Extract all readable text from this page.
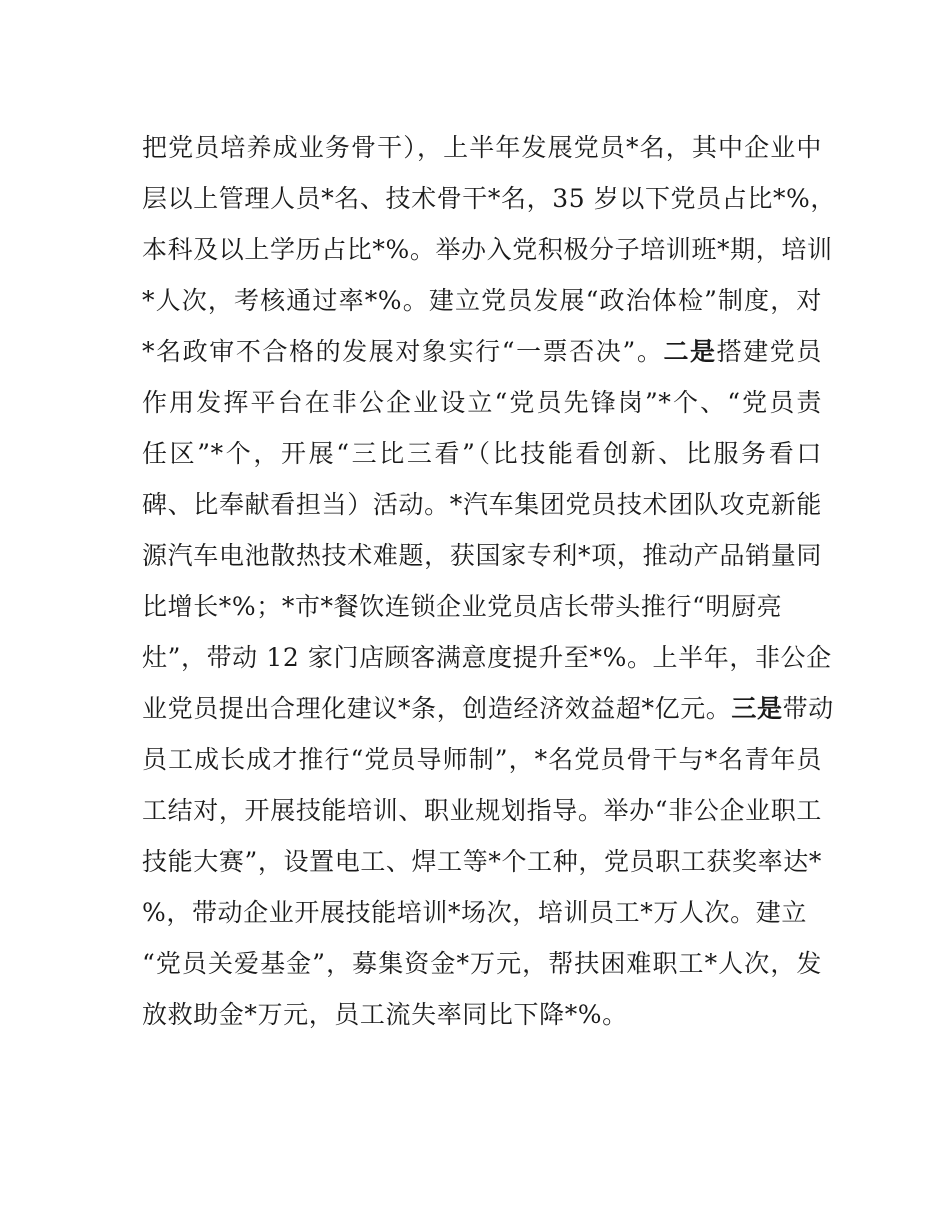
把党员培养成业务骨干），上半年发展党员*名，其中企业中
层以上管理人员*名、技术骨干*名，35 岁以下党员占比*%，
本科及以上学历占比*%。举办入党积极分子培训班*期，培训
*人次，考核通过率*%。建立党员发展“政治体检”制度，对
*名政审不合格的发展对象实行“一票否决”。二是搭建党员
作用发挥平台在非公企业设立“党员先锋岗”*个、“党员责
任区”*个，开展“三比三看”（比技能看创新、比服务看口
碑、比奉献看担当）活动。*汽车集团党员技术团队攻克新能
源汽车电池散热技术难题，获国家专利*项，推动产品销量同
比增长*%；*市*餐饮连锁企业党员店长带头推行“明厨亮
灶”，带动 12 家门店顾客满意度提升至*%。上半年，非公企
业党员提出合理化建议*条，创造经济效益超*亿元。三是带动
员工成长成才推行“党员导师制”，*名党员骨干与*名青年员
工结对，开展技能培训、职业规划指导。举办“非公企业职工
技能大赛”，设置电工、焊工等*个工种，党员职工获奖率达*
%，带动企业开展技能培训*场次，培训员工*万人次。建立
“党员关爱基金”，募集资金*万元，帮扶困难职工*人次，发
放救助金*万元，员工流失率同比下降*%。
